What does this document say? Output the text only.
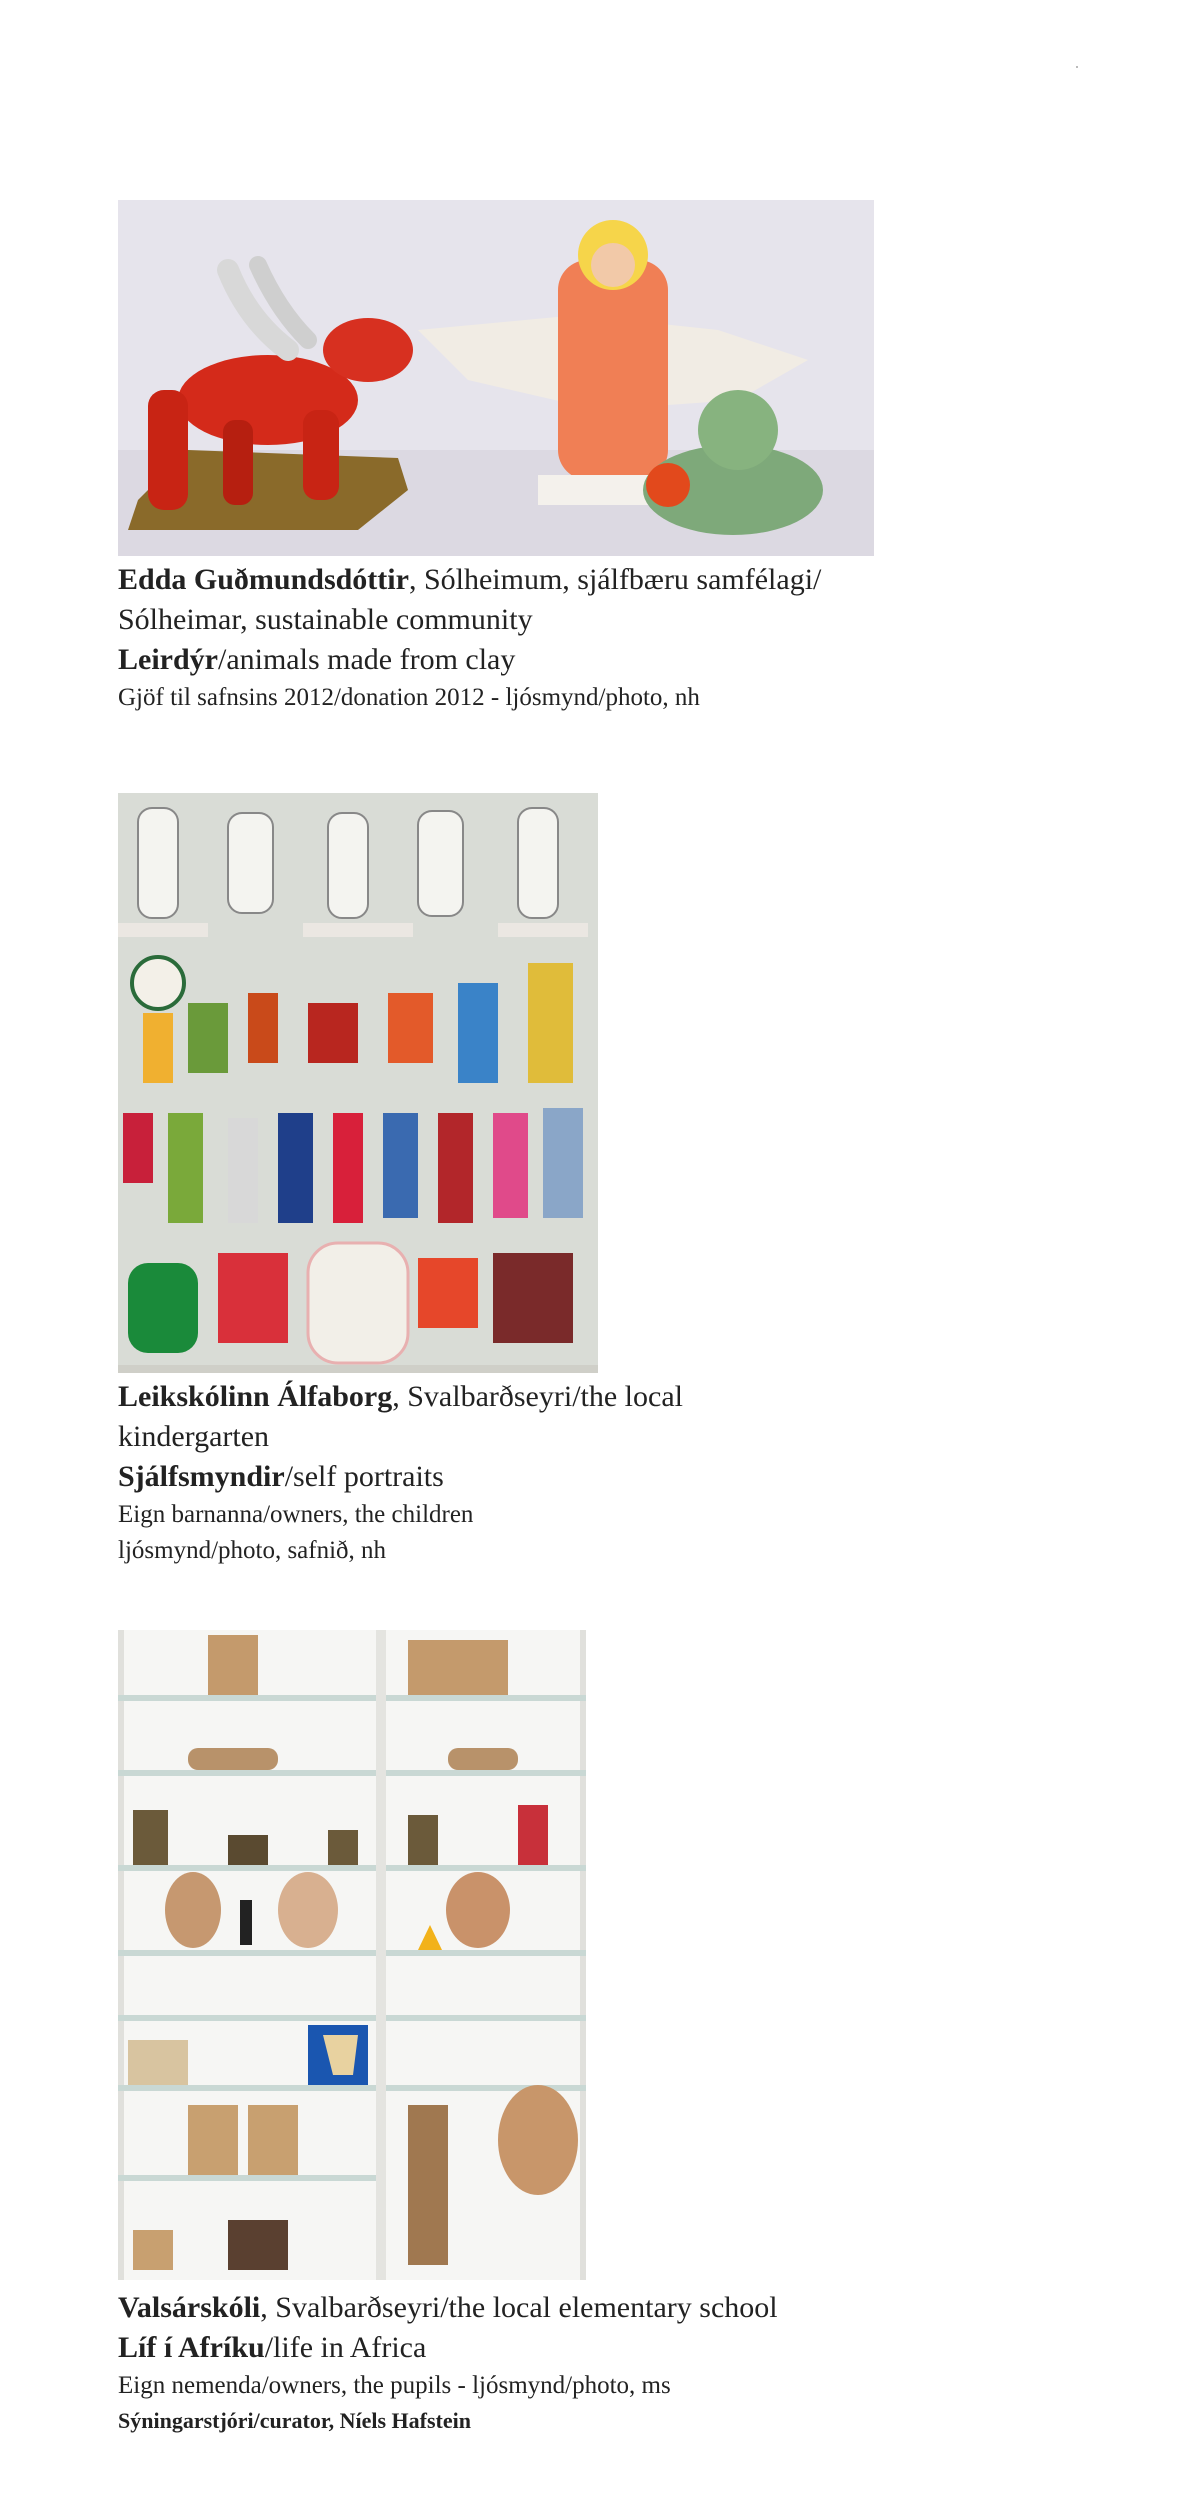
Edda Guðmundsdóttir, Sólheimum, sjálfbæru samfélagi/
Sólheimar, sustainable community
Leirdýr/animals made from clay
Gjöf til safnsins 2012/donation 2012 - ljósmynd/photo, nh
Leikskólinn Álfaborg, Svalbarðseyri/the local
kindergarten
Sjálfsmyndir/self portraits
Eign barnanna/owners, the children
ljósmynd/photo, safnið, nh
Valsárskóli, Svalbarðseyri/the local elementary school
Líf í Afríku/life in Africa
Eign nemenda/owners, the pupils - ljósmynd/photo, ms
Sýningarstjóri/curator, Níels Hafstein
